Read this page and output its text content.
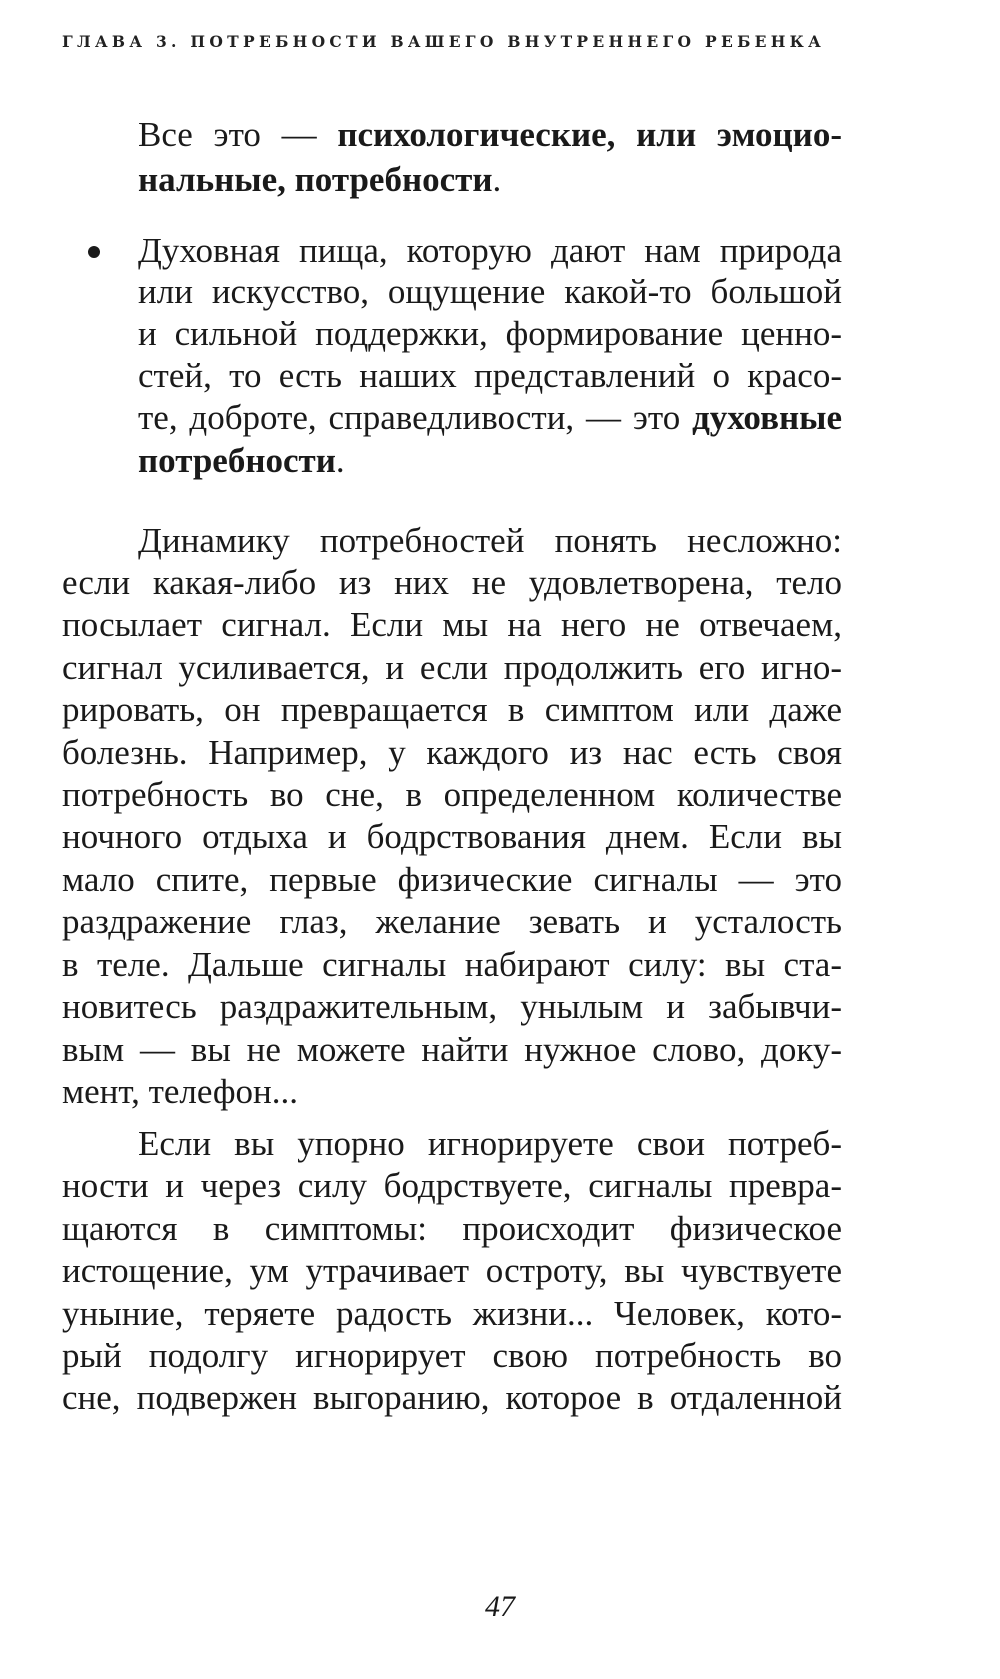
ГЛАВА 3. ПОТРЕБНОСТИ ВАШЕГО ВНУТРЕННЕГО РЕБЕНКА
Все это — психологические, или эмоцио-
нальные, потребности.
Духовная пища, которую дают нам природа
или искусство, ощущение какой-то большой
и сильной поддержки, формирование ценно-
стей, то есть наших представлений о красо-
те, доброте, справедливости, — это духовные
потребности.
Динамику потребностей понять несложно:
если какая-либо из них не удовлетворена, тело
посылает сигнал. Если мы на него не отвечаем,
сигнал усиливается, и если продолжить его игно-
рировать, он превращается в симптом или даже
болезнь. Например, у каждого из нас есть своя
потребность во сне, в определенном количестве
ночного отдыха и бодрствования днем. Если вы
мало спите, первые физические сигналы — это
раздражение глаз, желание зевать и усталость
в теле. Дальше сигналы набирают силу: вы ста-
новитесь раздражительным, унылым и забывчи-
вым — вы не можете найти нужное слово, доку-
мент, телефон...
Если вы упорно игнорируете свои потреб-
ности и через силу бодрствуете, сигналы превра-
щаются в симптомы: происходит физическое
истощение, ум утрачивает остроту, вы чувствуете
уныние, теряете радость жизни... Человек, кото-
рый подолгу игнорирует свою потребность во
сне, подвержен выгоранию, которое в отдаленной
47
